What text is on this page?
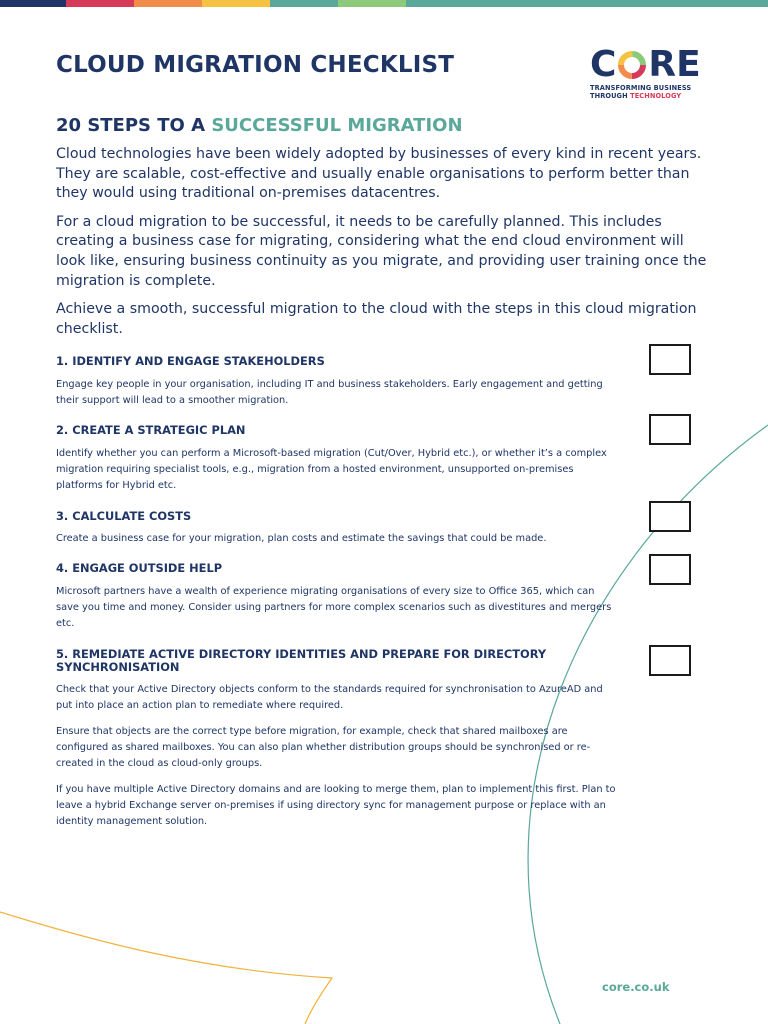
CLOUD MIGRATION CHECKLIST	C RE
TRANSFORMING BUSINESS
THROUGH TECHNOLOGY
20 STEPS TO A SUCCESSFUL MIGRATION

Cloud technologies have been widely adopted by businesses of every kind in recent years. They are scalable, cost-effective and usually enable organisations to perform better than they would using traditional on-premises datacentres.

For a cloud migration to be successful, it needs to be carefully planned. This includes creating a business case for migrating, considering what the end cloud environment will look like, ensuring business continuity as you migrate, and providing user training once the migration is complete.

Achieve a smooth, successful migration to the cloud with the steps in this cloud migration checklist.

1. IDENTIFY AND ENGAGE STAKEHOLDERS

Engage key people in your organisation, including IT and business stakeholders. Early engagement and getting their support will lead to a smoother migration.

2. CREATE A STRATEGIC PLAN

Identify whether you can perform a Microsoft-based migration (Cut/Over, Hybrid etc.), or whether it’s a complex migration requiring specialist tools, e.g., migration from a hosted environment, unsupported on-premises platforms for Hybrid etc.

3. CALCULATE COSTS

Create a business case for your migration, plan costs and estimate the savings that could be made.

4. ENGAGE OUTSIDE HELP

Microsoft partners have a wealth of experience migrating organisations of every size to Office 365, which can save you time and money. Consider using partners for more complex scenarios such as divestitures and mergers etc.

5. REMEDIATE ACTIVE DIRECTORY IDENTITIES AND PREPARE FOR DIRECTORY SYNCHRONISATION

Check that your Active Directory objects conform to the standards required for synchronisation to AzureAD and put into place an action plan to remediate where required.

Ensure that objects are the correct type before migration, for example, check that shared mailboxes are configured as shared mailboxes. You can also plan whether distribution groups should be synchronised or re-created in the cloud as cloud-only groups.

If you have multiple Active Directory domains and are looking to merge them, plan to implement this first. Plan to leave a hybrid Exchange server on-premises if using directory sync for management purpose or replace with an identity management solution.

core.co.uk
